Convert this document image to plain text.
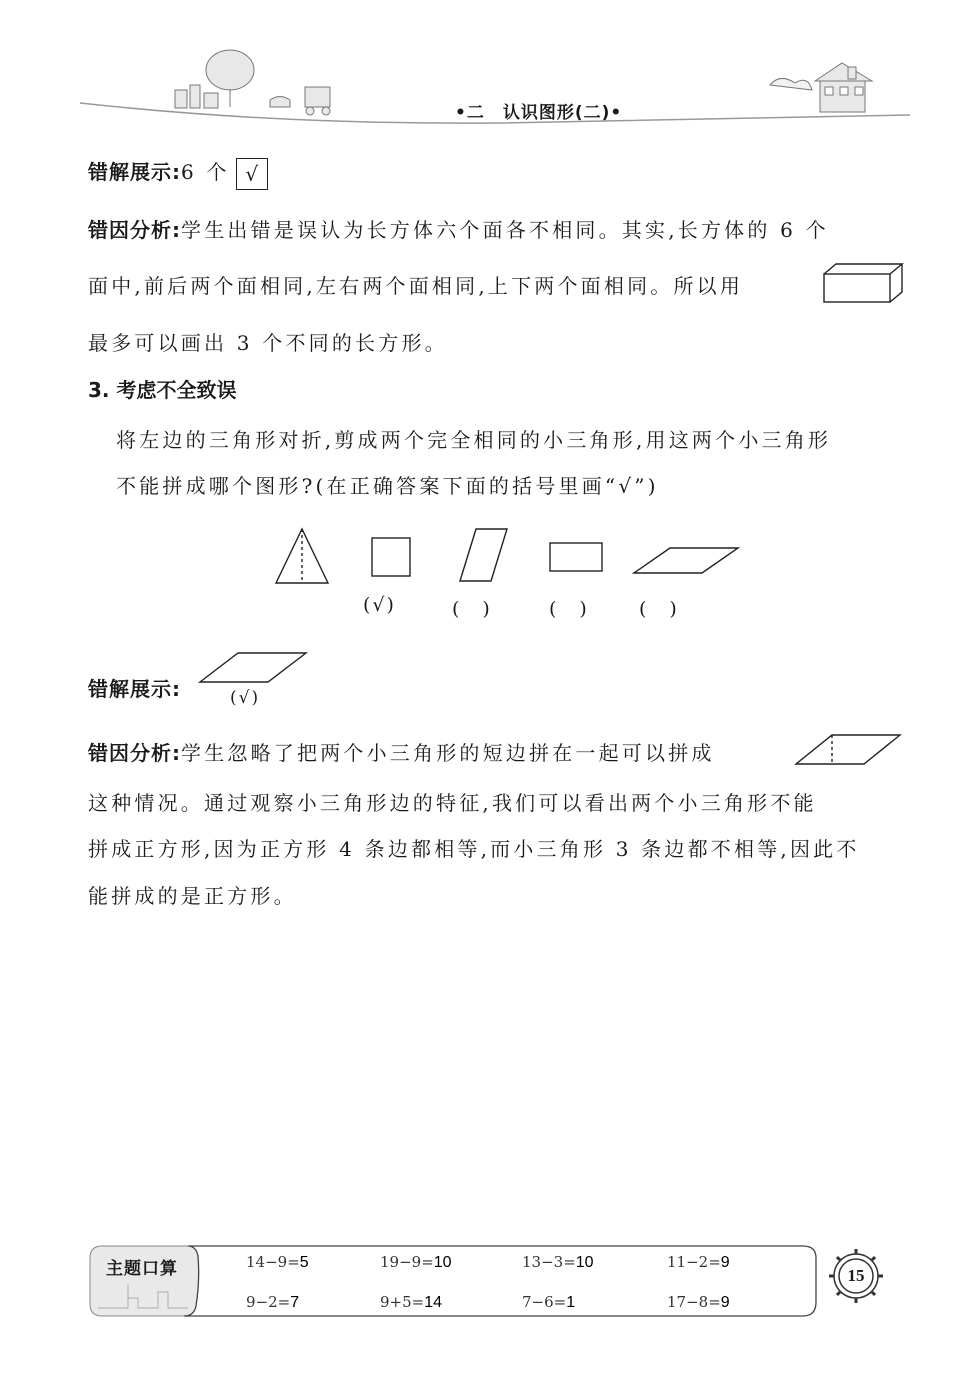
•二　认识图形(二)•
错解展示:6 个 √
错因分析:学生出错是误认为长方体六个面各不相同。其实,长方体的 6 个
面中,前后两个面相同,左右两个面相同,上下两个面相同。所以用
最多可以画出 3 个不同的长方形。
3. 考虑不全致误
将左边的三角形对折,剪成两个完全相同的小三角形,用这两个小三角形
不能拼成哪个图形?(在正确答案下面的括号里画“√”)
(√)	(　)	(　)	(　)
错解展示:	(√)
错因分析:学生忽略了把两个小三角形的短边拼在一起可以拼成
这种情况。通过观察小三角形边的特征,我们可以看出两个小三角形不能
拼成正方形,因为正方形 4 条边都相等,而小三角形 3 条边都不相等,因此不
能拼成的是正方形。
主题口算	14−9=5	19−9=10	13−3=10	11−2=9
9−2=7	9+5=14	7−6=1	17−8=9
15
